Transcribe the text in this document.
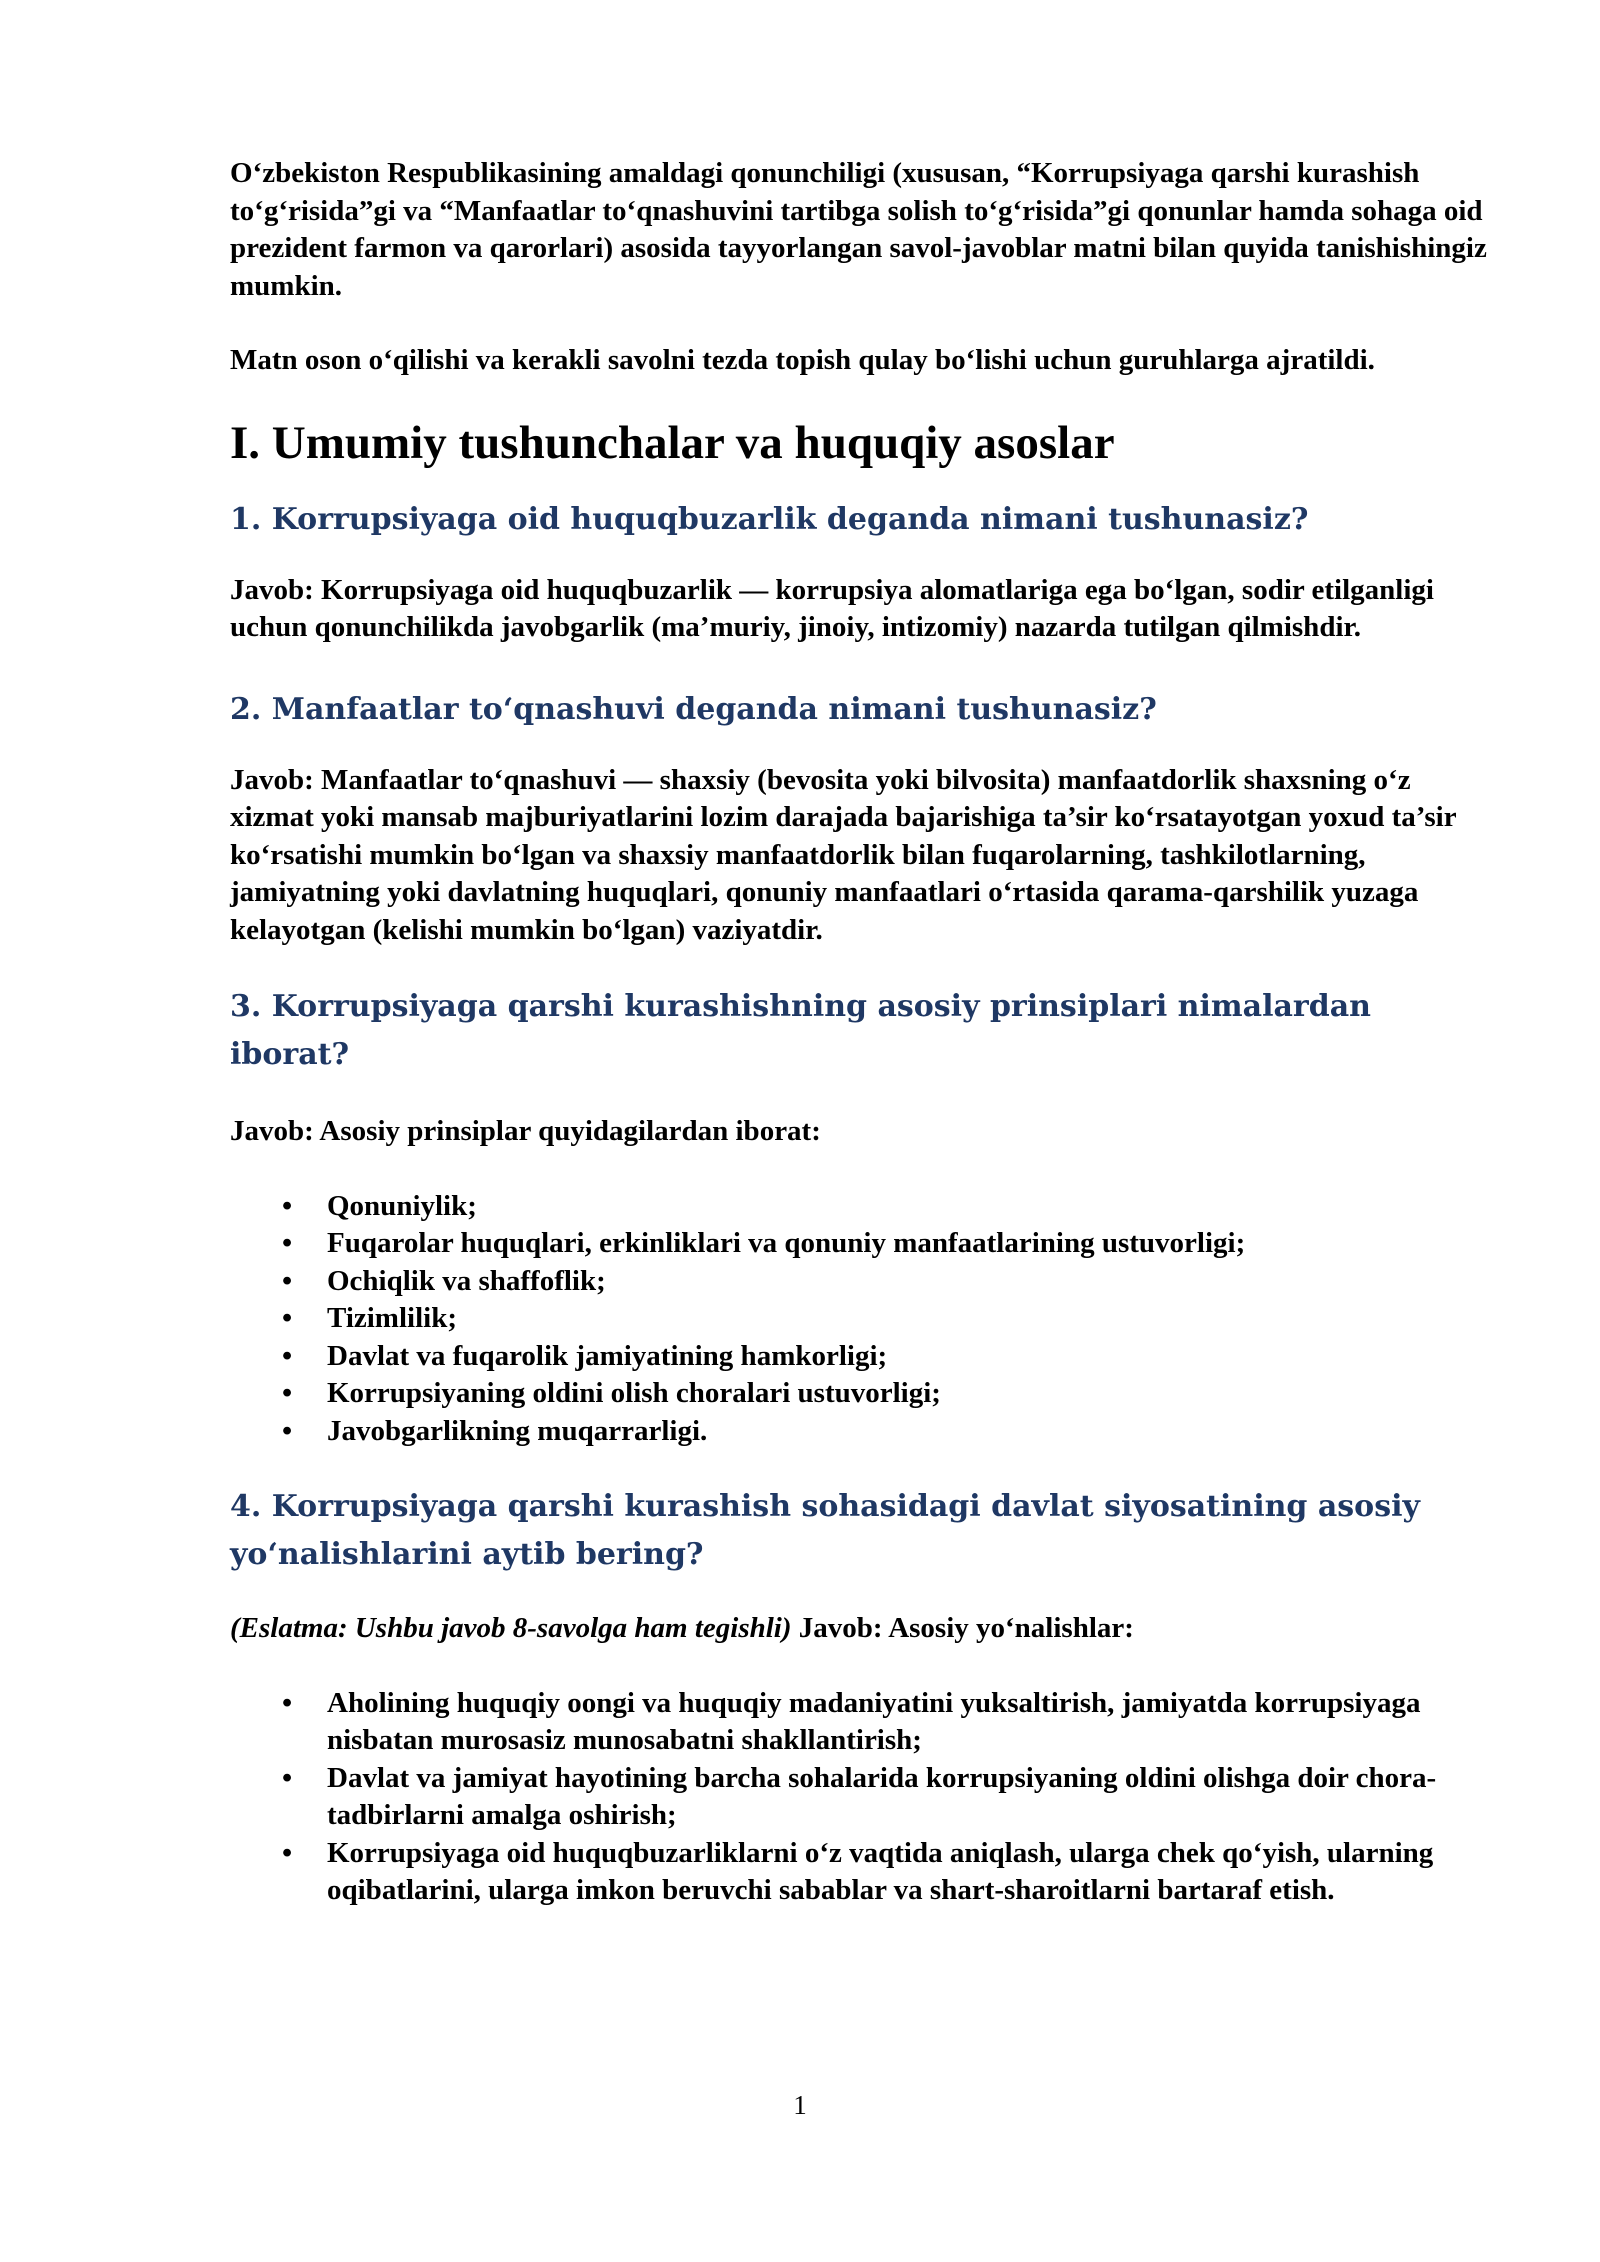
O‘zbekiston Respublikasining amaldagi qonunchiligi (xususan, “Korrupsiyaga qarshi kurashish to‘g‘risida”gi va “Manfaatlar to‘qnashuvini tartibga solish to‘g‘risida”gi qonunlar hamda sohaga oid prezident farmon va qarorlari) asosida tayyorlangan savol-javoblar matni bilan quyida tanishishingiz mumkin.

Matn oson o‘qilishi va kerakli savolni tezda topish qulay bo‘lishi uchun guruhlarga ajratildi.

I. Umumiy tushunchalar va huquqiy asoslar
1. Korrupsiyaga oid huquqbuzarlik deganda nimani tushunasiz?

Javob: Korrupsiyaga oid huquqbuzarlik — korrupsiya alomatlariga ega bo‘lgan, sodir etilganligi uchun qonunchilikda javobgarlik (ma’muriy, jinoiy, intizomiy) nazarda tutilgan qilmishdir.

2. Manfaatlar to‘qnashuvi deganda nimani tushunasiz?

Javob: Manfaatlar to‘qnashuvi — shaxsiy (bevosita yoki bilvosita) manfaatdorlik shaxsning o‘z xizmat yoki mansab majburiyatlarini lozim darajada bajarishiga ta’sir ko‘rsatayotgan yoxud ta’sir ko‘rsatishi mumkin bo‘lgan va shaxsiy manfaatdorlik bilan fuqarolarning, tashkilotlarning, jamiyatning yoki davlatning huquqlari, qonuniy manfaatlari o‘rtasida qarama-qarshilik yuzaga kelayotgan (kelishi mumkin bo‘lgan) vaziyatdir.

3. Korrupsiyaga qarshi kurashishning asosiy prinsiplari nimalardan iborat?

Javob: Asosiy prinsiplar quyidagilardan iborat:

•	Qonuniylik;
•	Fuqarolar huquqlari, erkinliklari va qonuniy manfaatlarining ustuvorligi;
•	Ochiqlik va shaffoflik;
•	Tizimlilik;
•	Davlat va fuqarolik jamiyatining hamkorligi;
•	Korrupsiyaning oldini olish choralari ustuvorligi;
•	Javobgarlikning muqarrarligi.
4. Korrupsiyaga qarshi kurashish sohasidagi davlat siyosatining asosiy yo‘nalishlarini aytib bering?

(Eslatma: Ushbu javob 8-savolga ham tegishli) Javob: Asosiy yo‘nalishlar:

•	Aholining huquqiy oongi va huquqiy madaniyatini yuksaltirish, jamiyatda korrupsiyaga nisbatan murosasiz munosabatni shakllantirish;
•	Davlat va jamiyat hayotining barcha sohalarida korrupsiyaning oldini olishga doir chora-tadbirlarni amalga oshirish;
•	Korrupsiyaga oid huquqbuzarliklarni o‘z vaqtida aniqlash, ularga chek qo‘yish, ularning oqibatlarini, ularga imkon beruvchi sabablar va shart-sharoitlarni bartaraf etish.
1
